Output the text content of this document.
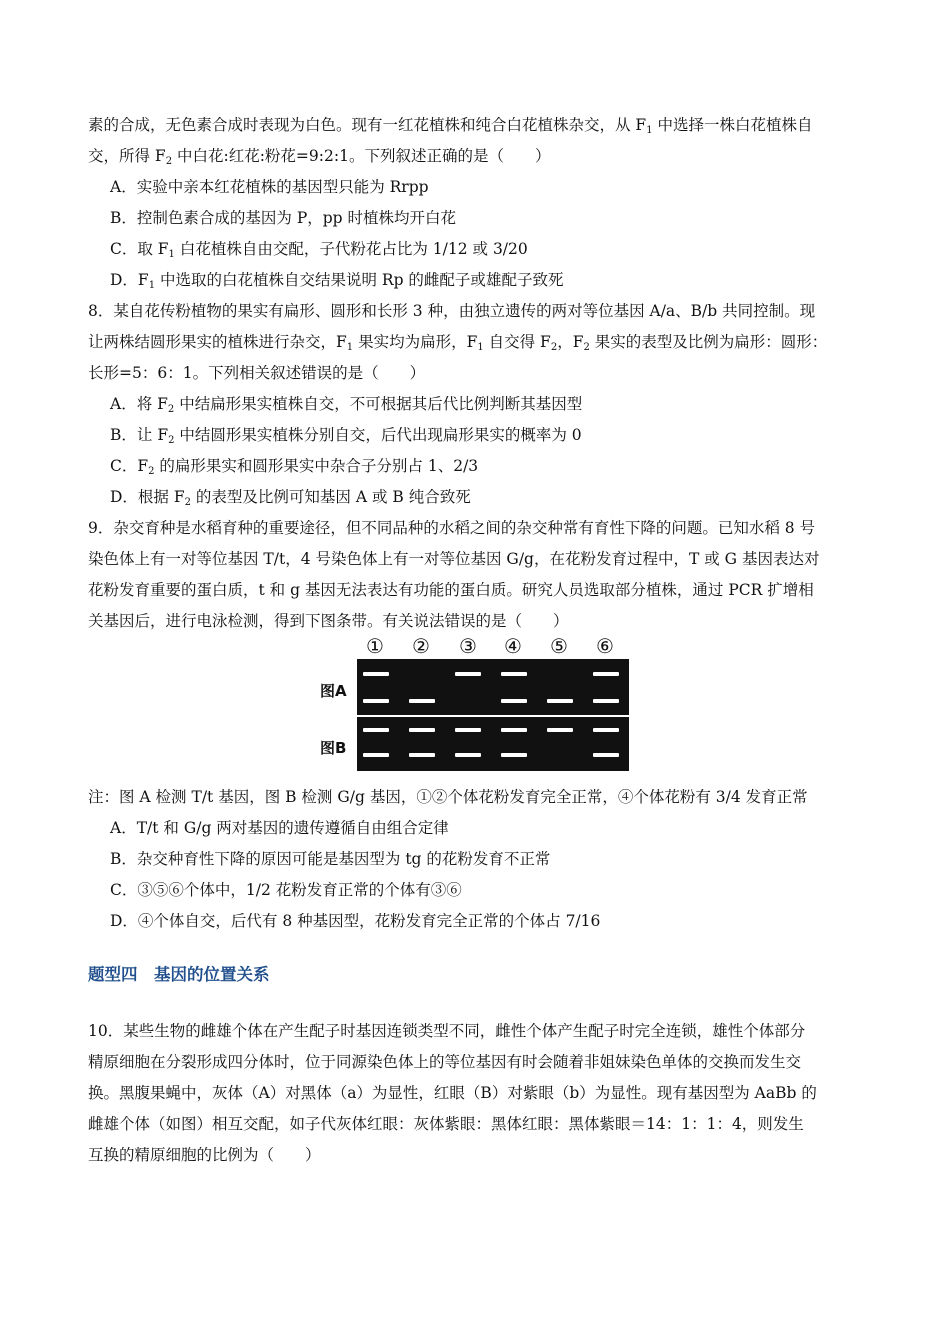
素的合成，无色素合成时表现为白色。现有一红花植株和纯合白花植株杂交，从 $F_1$ 中选择一株白花植株自
交，所得 $F_2$ 中白花:红花:粉花=9:2:1。下列叙述正确的是（　　）
A．实验中亲本红花植株的基因型只能为 Rrpp
B．控制色素合成的基因为 P，pp 时植株均开白花
C．取 $F_1$ 白花植株自由交配，子代粉花占比为 1/12 或 3/20
D．$F_1$ 中选取的白花植株自交结果说明 Rp 的雌配子或雄配子致死
8．某自花传粉植物的果实有扁形、圆形和长形 3 种，由独立遗传的两对等位基因 A/a、B/b 共同控制。现
让两株结圆形果实的植株进行杂交，$F_1$ 果实均为扁形，$F_1$ 自交得 $F_2$，$F_2$ 果实的表型及比例为扁形：圆形：
长形=5：6：1。下列相关叙述错误的是（　　）
A．将 $F_2$ 中结扁形果实植株自交，不可根据其后代比例判断其基因型
B．让 $F_2$ 中结圆形果实植株分别自交，后代出现扁形果实的概率为 0
C．$F_2$ 的扁形果实和圆形果实中杂合子分别占 1、2/3
D．根据 $F_2$ 的表型及比例可知基因 A 或 B 纯合致死
9．杂交育种是水稻育种的重要途径，但不同品种的水稻之间的杂交种常有育性下降的问题。已知水稻 8 号
染色体上有一对等位基因 T/t，4 号染色体上有一对等位基因 G/g，在花粉发育过程中，T 或 G 基因表达对
花粉发育重要的蛋白质，t 和 g 基因无法表达有功能的蛋白质。研究人员选取部分植株，通过 PCR 扩增相
关基因后，进行电泳检测，得到下图条带。有关说法错误的是（　　）
① ② ③ ④ ⑤ ⑥
图A
图B
注：图 A 检测 T/t 基因，图 B 检测 G/g 基因，①②个体花粉发育完全正常，④个体花粉有 3/4 发育正常
A．T/t 和 G/g 两对基因的遗传遵循自由组合定律
B．杂交种育性下降的原因可能是基因型为 tg 的花粉发育不正常
C．③⑤⑥个体中，1/2 花粉发育正常的个体有③⑥
D．④个体自交，后代有 8 种基因型，花粉发育完全正常的个体占 7/16
题型四　基因的位置关系
10．某些生物的雌雄个体在产生配子时基因连锁类型不同，雌性个体产生配子时完全连锁，雄性个体部分
精原细胞在分裂形成四分体时，位于同源染色体上的等位基因有时会随着非姐妹染色单体的交换而发生交
换。黑腹果蝇中，灰体（A）对黑体（a）为显性，红眼（B）对紫眼（b）为显性。现有基因型为 AaBb 的
雌雄个体（如图）相互交配，如子代灰体红眼：灰体紫眼：黑体红眼：黑体紫眼＝14：1：1：4，则发生
互换的精原细胞的比例为（　　）
